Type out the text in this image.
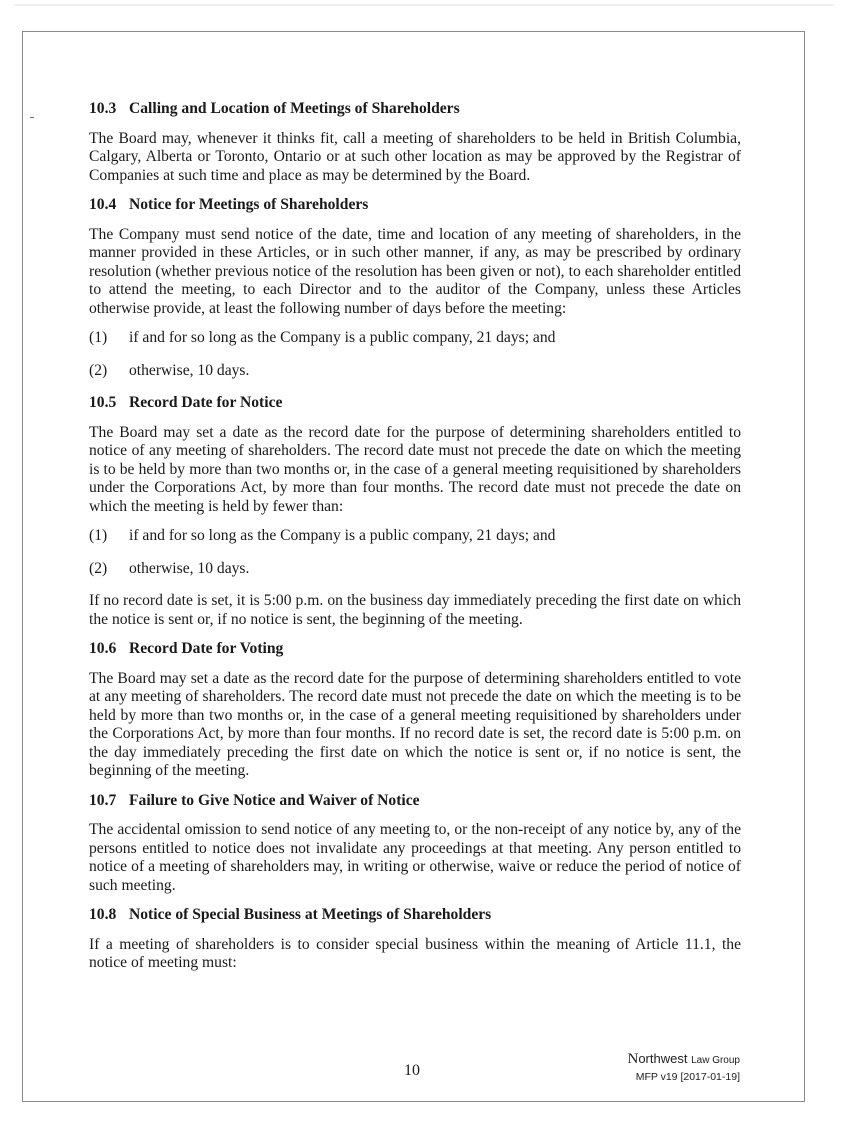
10.3 Calling and Location of Meetings of Shareholders

The Board may, whenever it thinks fit, call a meeting of shareholders to be held in British Columbia, Calgary, Alberta or Toronto, Ontario or at such other location as may be approved by the Registrar of Companies at such time and place as may be determined by the Board.

10.4 Notice for Meetings of Shareholders

The Company must send notice of the date, time and location of any meeting of shareholders, in the manner provided in these Articles, or in such other manner, if any, as may be prescribed by ordinary resolution (whether previous notice of the resolution has been given or not), to each shareholder entitled to attend the meeting, to each Director and to the auditor of the Company, unless these Articles otherwise provide, at least the following number of days before the meeting:

(1)	if and for so long as the Company is a public company, 21 days; and
(2)	otherwise, 10 days.
10.5 Record Date for Notice

The Board may set a date as the record date for the purpose of determining shareholders entitled to notice of any meeting of shareholders. The record date must not precede the date on which the meeting is to be held by more than two months or, in the case of a general meeting requisitioned by shareholders under the Corporations Act, by more than four months. The record date must not precede the date on which the meeting is held by fewer than:

(1)	if and for so long as the Company is a public company, 21 days; and
(2)	otherwise, 10 days.

If no record date is set, it is 5:00 p.m. on the business day immediately preceding the first date on which the notice is sent or, if no notice is sent, the beginning of the meeting.

10.6 Record Date for Voting

The Board may set a date as the record date for the purpose of determining shareholders entitled to vote at any meeting of shareholders. The record date must not precede the date on which the meeting is to be held by more than two months or, in the case of a general meeting requisitioned by shareholders under the Corporations Act, by more than four months. If no record date is set, the record date is 5:00 p.m. on the day immediately preceding the first date on which the notice is sent or, if no notice is sent, the beginning of the meeting.

10.7 Failure to Give Notice and Waiver of Notice

The accidental omission to send notice of any meeting to, or the non-receipt of any notice by, any of the persons entitled to notice does not invalidate any proceedings at that meeting. Any person entitled to notice of a meeting of shareholders may, in writing or otherwise, waive or reduce the period of notice of such meeting.

10.8 Notice of Special Business at Meetings of Shareholders

If a meeting of shareholders is to consider special business within the meaning of Article 11.1, the notice of meeting must:

10
Northwest Law Group
MFP v19 [2017-01-19]
